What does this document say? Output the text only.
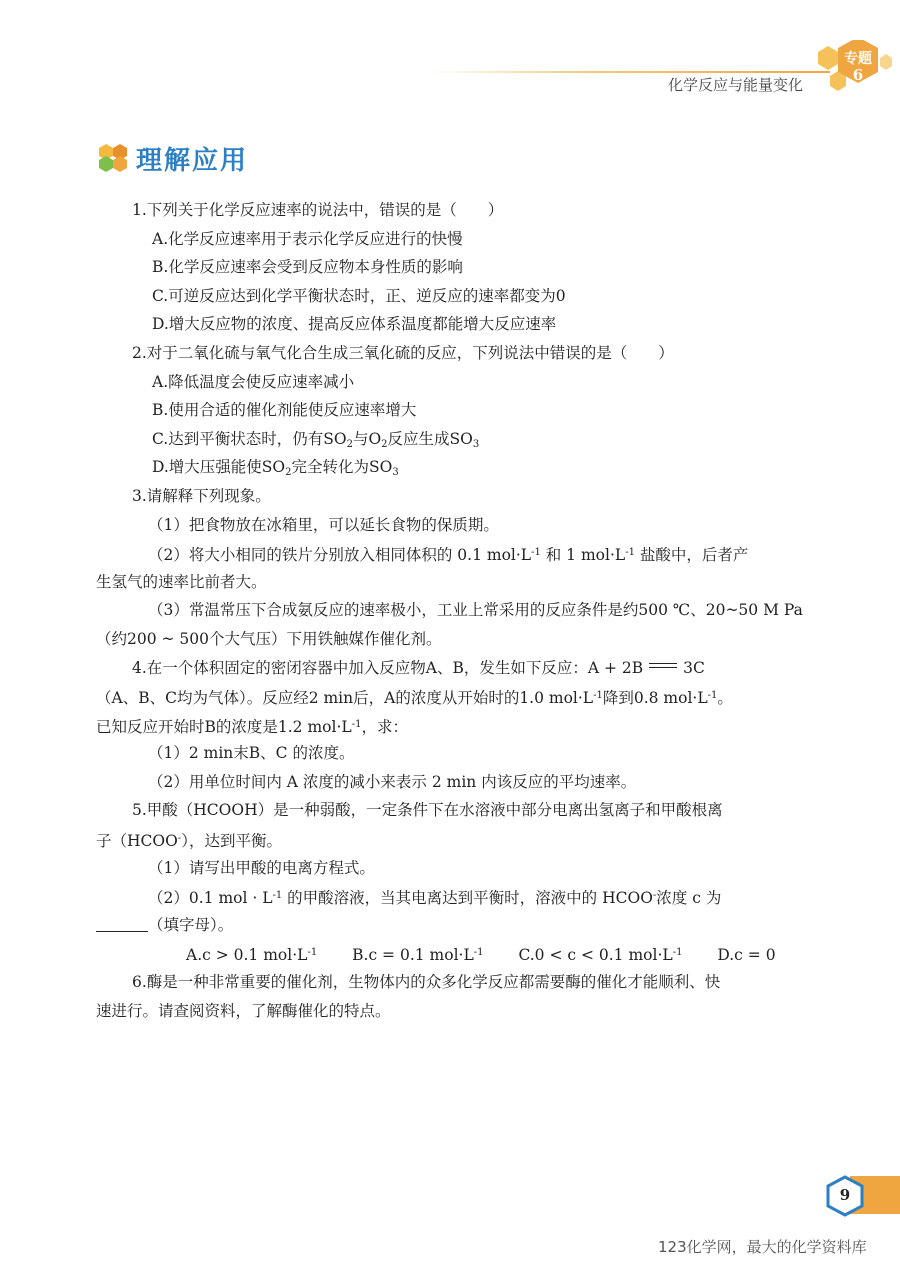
化学反应与能量变化
专题
6
理解应用
1.下列关于化学反应速率的说法中，错误的是（　　）
A.化学反应速率用于表示化学反应进行的快慢
B.化学反应速率会受到反应物本身性质的影响
C.可逆反应达到化学平衡状态时，正、逆反应的速率都变为0
D.增大反应物的浓度、提高反应体系温度都能增大反应速率
2.对于二氧化硫与氧气化合生成三氧化硫的反应，下列说法中错误的是（　　）
A.降低温度会使反应速率减小
B.使用合适的催化剂能使反应速率增大
C.达到平衡状态时，仍有$SO_2$与$O_2$反应生成$SO_3$
D.增大压强能使$SO_2$完全转化为$SO_3$
3.请解释下列现象。
（1）把食物放在冰箱里，可以延长食物的保质期。
（2）将大小相同的铁片分别放入相同体积的 0.1 $mol\cdot L^{-1}$ 和 1 $mol\cdot L^{-1}$ 盐酸中，后者产
生氢气的速率比前者大。
（3）常温常压下合成氨反应的速率极小，工业上常采用的反应条件是约500 ℃、20~50 M Pa
（约200 ~ 500个大气压）下用铁触媒作催化剂。
4.在一个体积固定的密闭容器中加入反应物A、B，发生如下反应：A + 2B	3C
（A、B、C均为气体）。反应经2 min后，A的浓度从开始时的1.0 $mol\cdot L^{-1}$降到0.8 $mol\cdot L^{-1}$。
已知反应开始时B的浓度是1.2 $mol\cdot L^{-1}$，求：
（1）2 min末B、C 的浓度。
（2）用单位时间内 A 浓度的减小来表示 2 min 内该反应的平均速率。
5.甲酸（HCOOH）是一种弱酸，一定条件下在水溶液中部分电离出氢离子和甲酸根离
子（HCOO-），达到平衡。
（1）请写出甲酸的电离方程式。
（2）0.1 mol · $L^{-1}$ 的甲酸溶液，当其电离达到平衡时，溶液中的 HCOO-浓度 c 为
（填字母）。
A.c > 0.1 $mol\cdot L^{-1}$ B.c = 0.1 $mol\cdot L^{-1}$ C.0 < c < 0.1 $mol\cdot L^{-1}$ D.c = 0
6.酶是一种非常重要的催化剂，生物体内的众多化学反应都需要酶的催化才能顺利、快
速进行。请查阅资料，了解酶催化的特点。
9
123化学网，最大的化学资料库
